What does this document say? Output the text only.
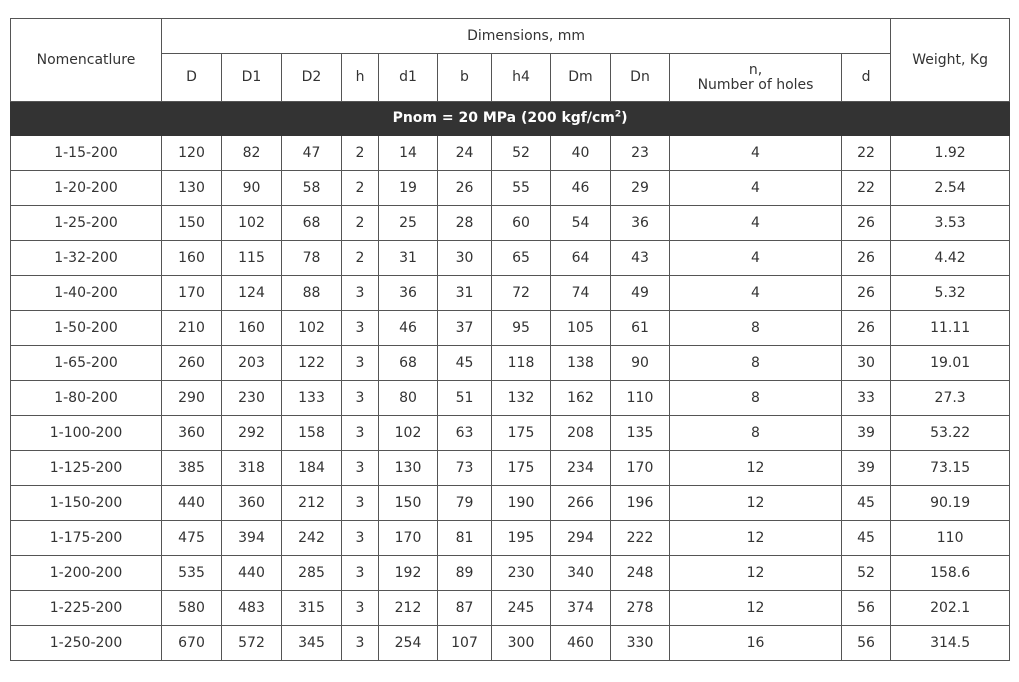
Nomencatlure	Dimensions, mm											Weight, Kg
	D	D1	D2	h	d1	b	h4	Dm	Dn	n,
Number of holes	d	
Pnom = 20 MPa (200 kgf/$cm^2$)												
1-15-200	120	82	47	2	14	24	52	40	23	4	22	1.92
1-20-200	130	90	58	2	19	26	55	46	29	4	22	2.54
1-25-200	150	102	68	2	25	28	60	54	36	4	26	3.53
1-32-200	160	115	78	2	31	30	65	64	43	4	26	4.42
1-40-200	170	124	88	3	36	31	72	74	49	4	26	5.32
1-50-200	210	160	102	3	46	37	95	105	61	8	26	11.11
1-65-200	260	203	122	3	68	45	118	138	90	8	30	19.01
1-80-200	290	230	133	3	80	51	132	162	110	8	33	27.3
1-100-200	360	292	158	3	102	63	175	208	135	8	39	53.22
1-125-200	385	318	184	3	130	73	175	234	170	12	39	73.15
1-150-200	440	360	212	3	150	79	190	266	196	12	45	90.19
1-175-200	475	394	242	3	170	81	195	294	222	12	45	110
1-200-200	535	440	285	3	192	89	230	340	248	12	52	158.6
1-225-200	580	483	315	3	212	87	245	374	278	12	56	202.1
1-250-200	670	572	345	3	254	107	300	460	330	16	56	314.5
